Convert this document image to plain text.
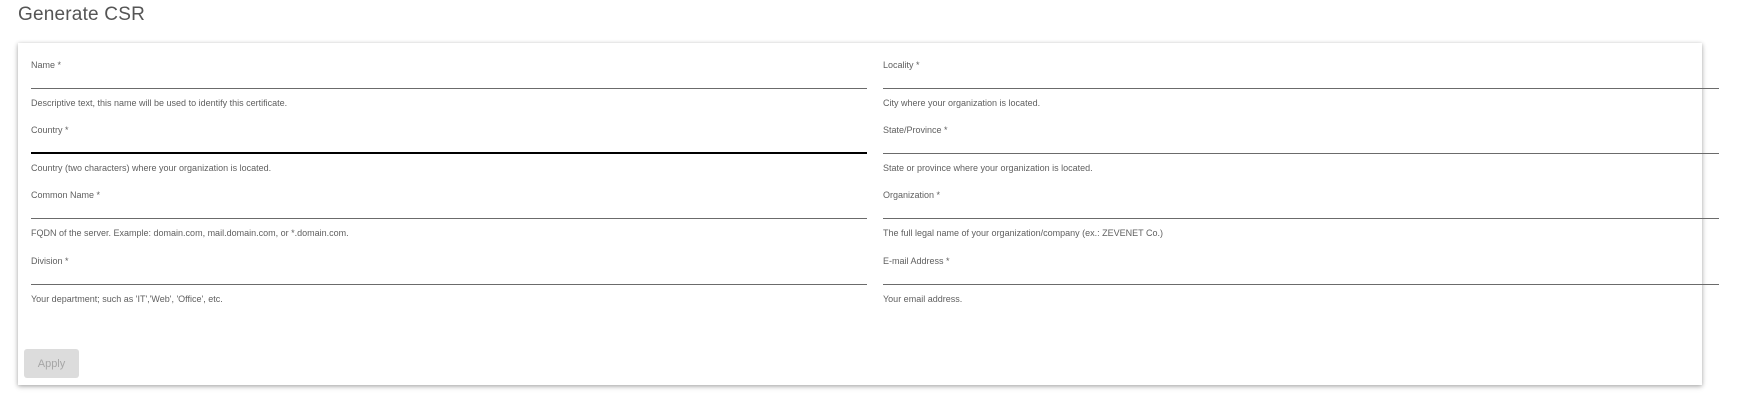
Generate CSR
Name *
Descriptive text, this name will be used to identify this certificate.
Country *
Country (two characters) where your organization is located.
Common Name *
FQDN of the server. Example: domain.com, mail.domain.com, or *.domain.com.
Division *
Your department; such as 'IT','Web', 'Office', etc.
Locality *
City where your organization is located.
State/Province *
State or province where your organization is located.
Organization *
The full legal name of your organization/company (ex.: ZEVENET Co.)
E-mail Address *
Your email address.
Apply
